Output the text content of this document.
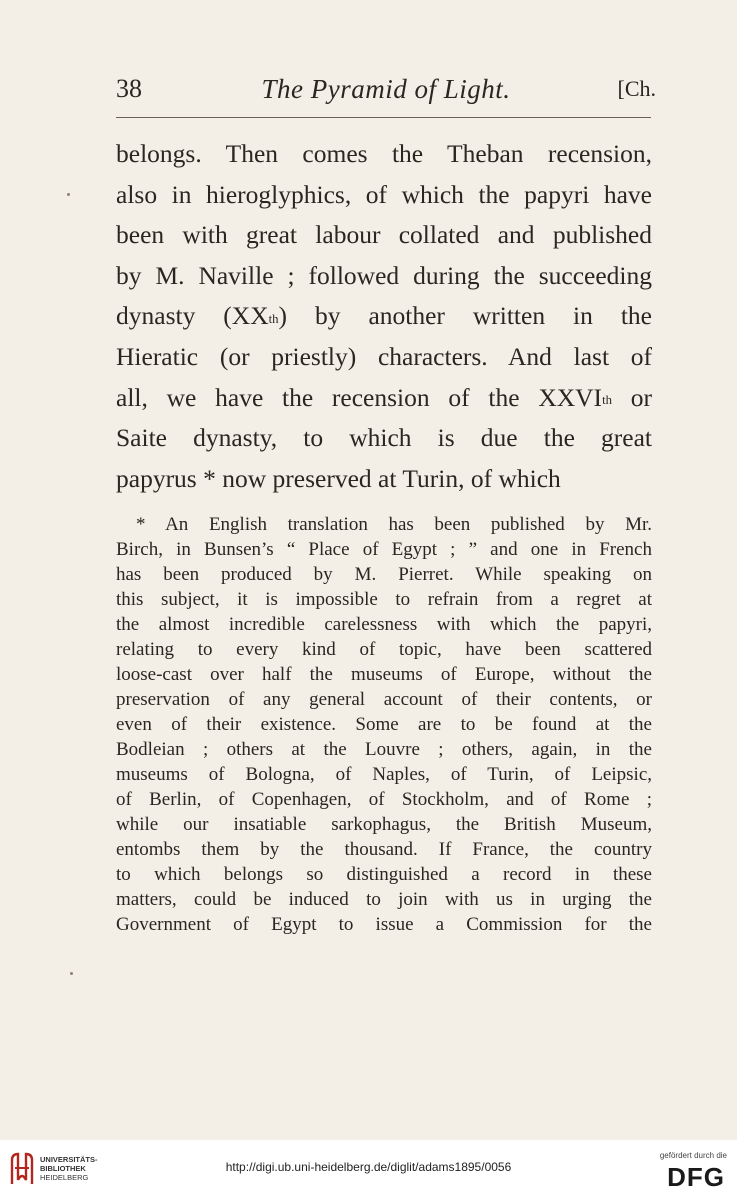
38	The Pyramid of Light.	[Ch.
belongs. Then comes the Theban recension,
also in hieroglyphics, of which the papyri have
been with great labour collated and published
by M. Naville ; followed during the succeeding
dynasty (XXth) by another written in the
Hieratic (or priestly) characters. And last of
all, we have the recension of the XXVIth or
Saite dynasty, to which is due the great
papyrus * now preserved at Turin, of which
* An English translation has been published by Mr.
Birch, in Bunsen’s “ Place of Egypt ; ” and one in French
has been produced by M. Pierret. While speaking on
this subject, it is impossible to refrain from a regret at
the almost incredible carelessness with which the papyri,
relating to every kind of topic, have been scattered
loose-cast over half the museums of Europe, without the
preservation of any general account of their contents, or
even of their existence. Some are to be found at the
Bodleian ; others at the Louvre ; others, again, in the
museums of Bologna, of Naples, of Turin, of Leipsic,
of Berlin, of Copenhagen, of Stockholm, and of Rome ;
while our insatiable sarkophagus, the British Museum,
entombs them by the thousand. If France, the country
to which belongs so distinguished a record in these
matters, could be induced to join with us in urging the
Government of Egypt to issue a Commission for the
UNIVERSITÄTS-
BIBLIOTHEK
HEIDELBERG
http://digi.ub.uni-heidelberg.de/diglit/adams1895/0056
gefördert durch die
DFG
